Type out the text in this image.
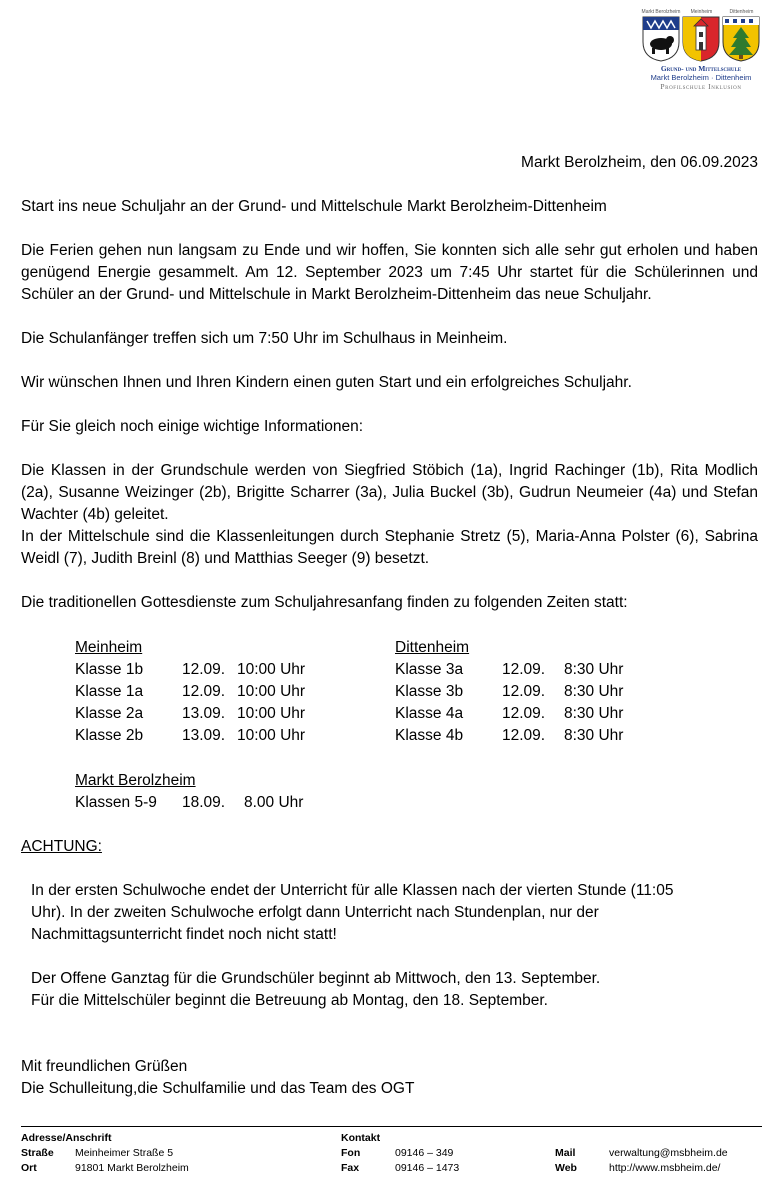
Markt Berolzheim Meinheim	Dittenheim
Grund- und Mittelschule
Markt Berolzheim · Dittenheim
Profilschule Inklusion
Markt Berolzheim, den 06.09.2023
Start ins neue Schuljahr an der Grund- und Mittelschule Markt Berolzheim-Dittenheim
Die Ferien gehen nun langsam zu Ende und wir hoffen, Sie konnten sich alle sehr gut erholen und haben genügend Energie gesammelt. Am 12. September 2023 um 7:45 Uhr startet für die Schülerinnen und Schüler an der Grund- und Mittelschule in Markt Berolzheim-Dittenheim das neue Schuljahr.
Die Schulanfänger treffen sich um 7:50 Uhr im Schulhaus in Meinheim.
Wir wünschen Ihnen und Ihren Kindern einen guten Start und ein erfolgreiches Schuljahr.
Für Sie gleich noch einige wichtige Informationen:
Die Klassen in der Grundschule werden von Siegfried Stöbich (1a), Ingrid Rachinger (1b), Rita Modlich (2a), Susanne Weizinger (2b), Brigitte Scharrer (3a), Julia Buckel (3b), Gudrun Neumeier (4a) und Stefan Wachter (4b) geleitet.
In der Mittelschule sind die Klassenleitungen durch Stephanie Stretz (5), Maria-Anna Polster (6), Sabrina Weidl (7), Judith Breinl (8) und Matthias Seeger (9) besetzt.
Die traditionellen Gottesdienste zum Schuljahresanfang finden zu folgenden Zeiten statt:
Meinheim
Klasse 1b	12.09. 10:00 Uhr
Klasse 1a	12.09. 10:00 Uhr
Klasse 2a	13.09. 10:00 Uhr
Klasse 2b	13.09. 10:00 Uhr
Dittenheim
Klasse 3a	12.09.	8:30 Uhr
Klasse 3b	12.09.	8:30 Uhr
Klasse 4a	12.09.	8:30 Uhr
Klasse 4b	12.09.	8:30 Uhr
Markt Berolzheim
Klassen 5-9	18.09.	8.00 Uhr
ACHTUNG:
In der ersten Schulwoche endet der Unterricht für alle Klassen nach der vierten Stunde (11:05 Uhr). In der zweiten Schulwoche erfolgt dann Unterricht nach Stundenplan, nur der Nachmittagsunterricht findet noch nicht statt!
Der Offene Ganztag für die Grundschüler beginnt ab Mittwoch, den 13. September.
Für die Mittelschüler beginnt die Betreuung ab Montag, den 18. September.
Mit freundlichen Grüßen
Die Schulleitung,die Schulfamilie und das Team des OGT
Adresse/Anschrift
Straße Meinheimer Straße 5
Ort	91801 Markt Berolzheim
Kontakt
Fon	09146 – 349
Fax	09146 – 1473

Mail	verwaltung@msbheim.de
Web	http://www.msbheim.de/
